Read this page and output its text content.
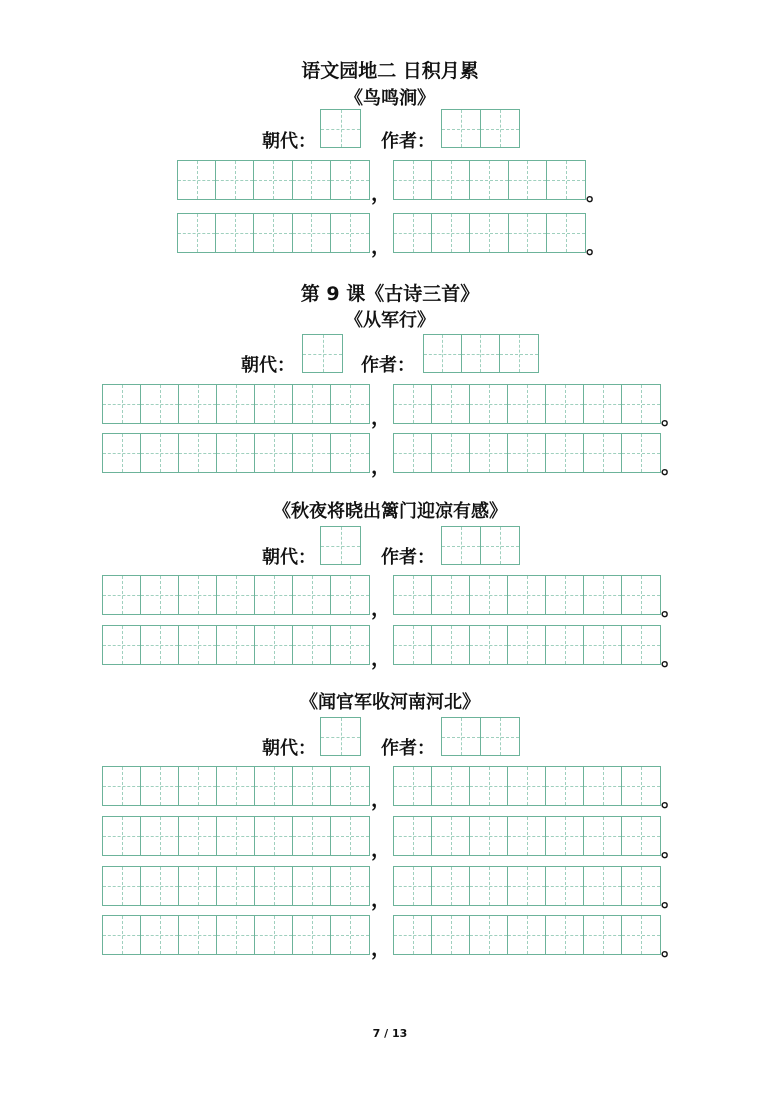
语文园地二 日积月累
《鸟鸣涧》
朝代：	作者：
，	。
，	。
第 9 课《古诗三首》
《从军行》
朝代：	作者：
，	。
，	。
《秋夜将晓出篱门迎凉有感》
朝代：	作者：
，	。
，	。
《闻官军收河南河北》
朝代：	作者：
，	。
，	。
，	。
，	。
7 / 13
